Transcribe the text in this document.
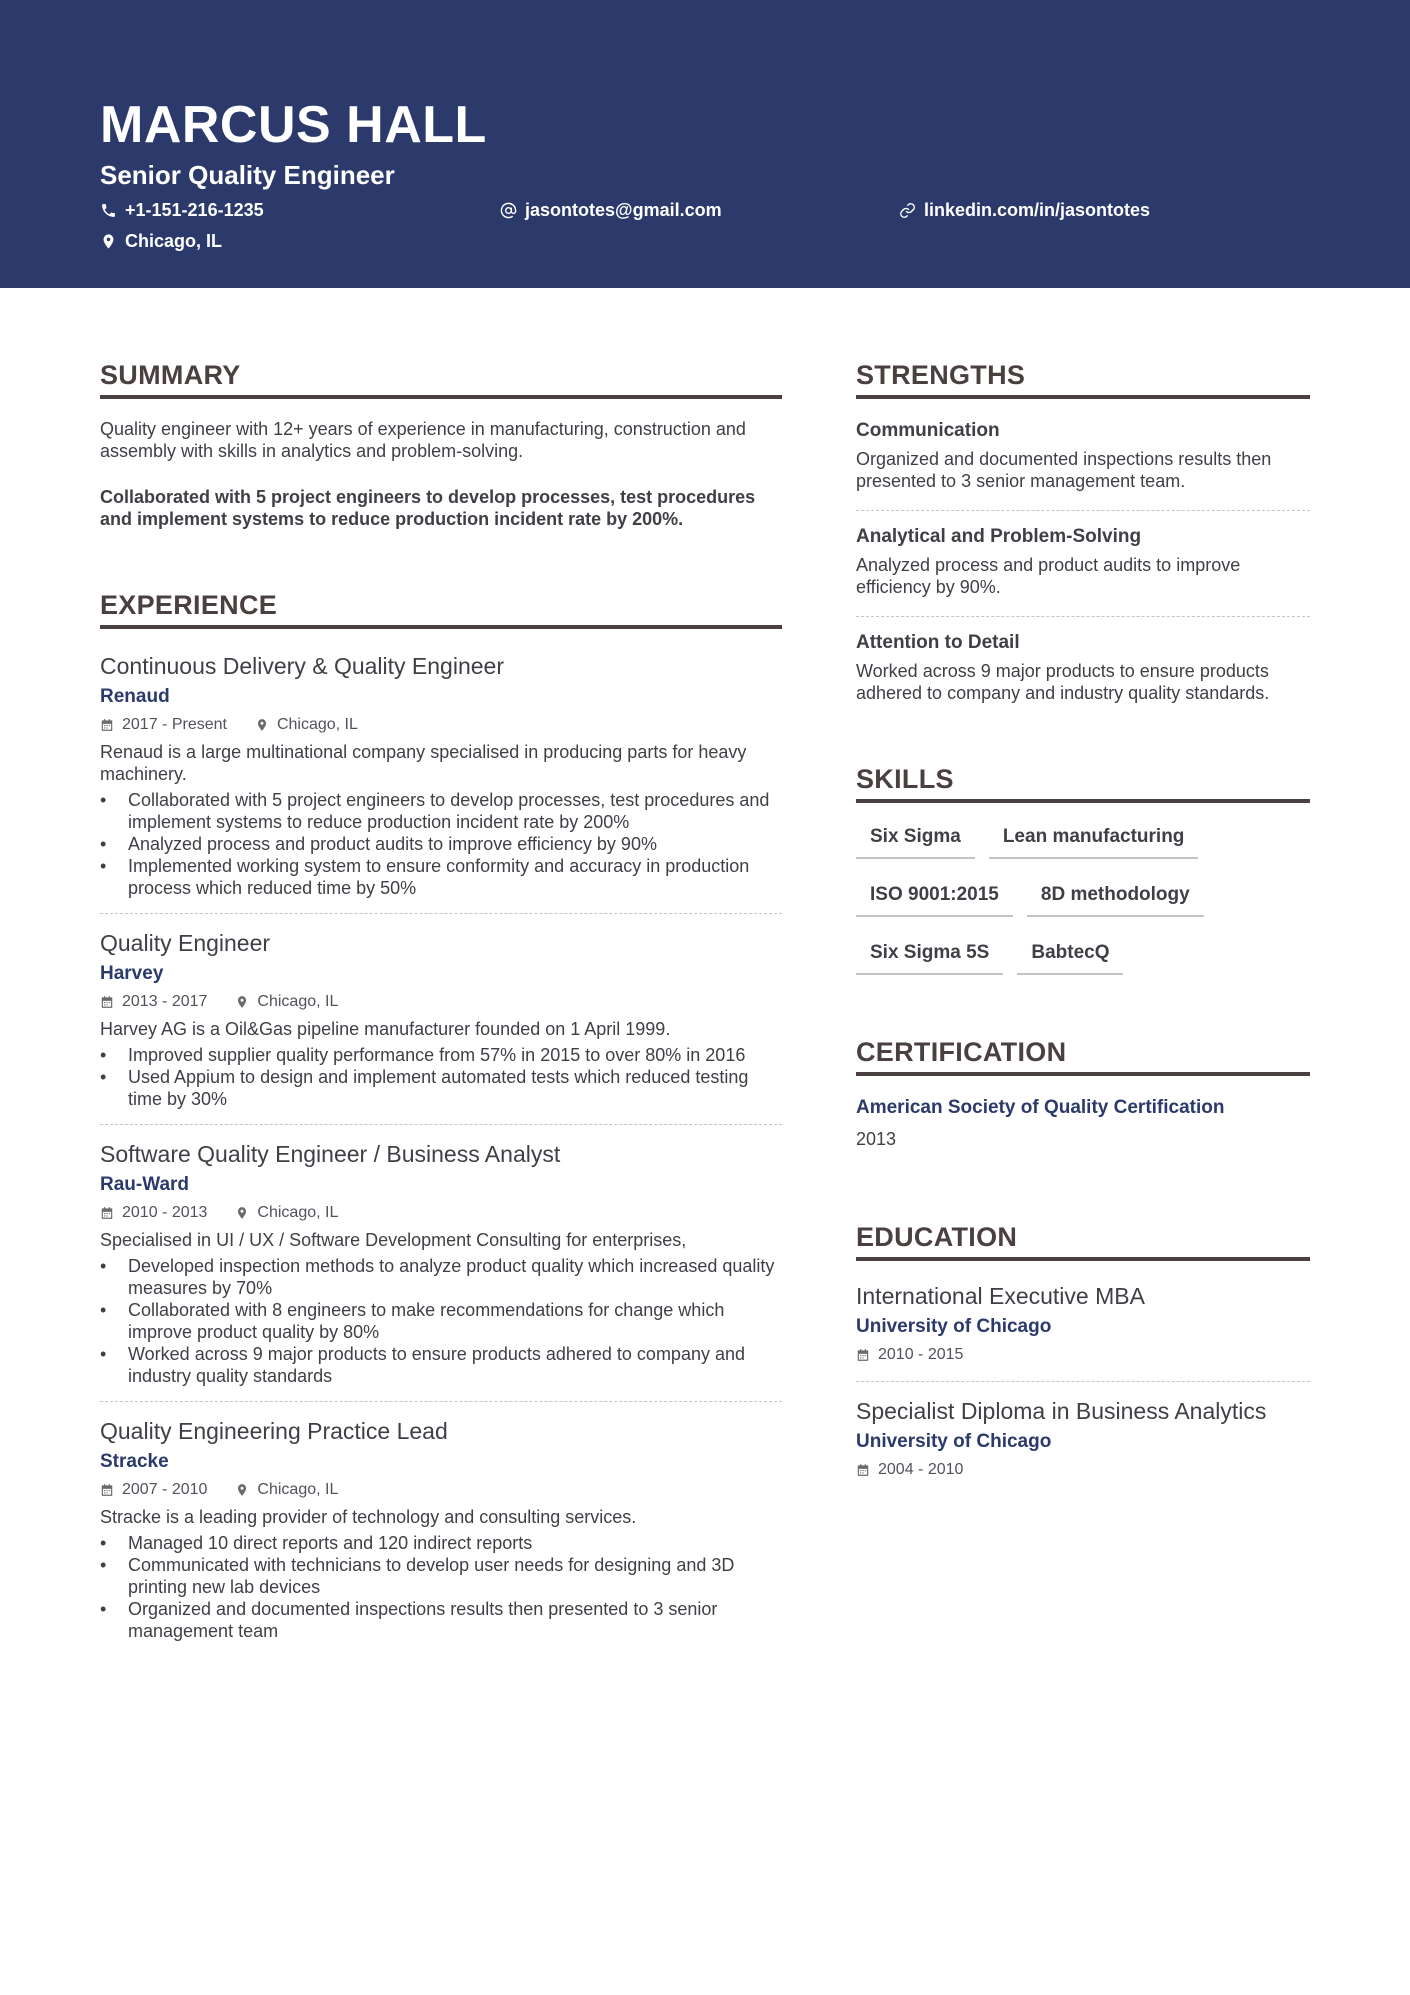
MARCUS HALL
Senior Quality Engineer
+1-151-216-1235	jasontotes@gmail.com	linkedin.com/in/jasontotes
Chicago, IL
SUMMARY

Quality engineer with 12+ years of experience in manufacturing, construction and assembly with skills in analytics and problem-solving.

Collaborated with 5 project engineers to develop processes, test procedures and implement systems to reduce production incident rate by 200%.

EXPERIENCE
Continuous Delivery & Quality Engineer
Renaud
2017 - Present	Chicago, IL

Renaud is a large multinational company specialised in producing parts for heavy machinery.

• Collaborated with 5 project engineers to develop processes, test procedures and implement systems to reduce production incident rate by 200%
• Analyzed process and product audits to improve efficiency by 90%
• Implemented working system to ensure conformity and accuracy in production process which reduced time by 50%
Quality Engineer
Harvey
2013 - 2017	Chicago, IL

Harvey AG is a Oil&Gas pipeline manufacturer founded on 1 April 1999.

• Improved supplier quality performance from 57% in 2015 to over 80% in 2016
• Used Appium to design and implement automated tests which reduced testing time by 30%
Software Quality Engineer / Business Analyst
Rau-Ward
2010 - 2013	Chicago, IL

Specialised in UI / UX / Software Development Consulting for enterprises,

• Developed inspection methods to analyze product quality which increased quality measures by 70%
• Collaborated with 8 engineers to make recommendations for change which improve product quality by 80%
• Worked across 9 major products to ensure products adhered to company and industry quality standards
Quality Engineering Practice Lead
Stracke
2007 - 2010	Chicago, IL

Stracke is a leading provider of technology and consulting services.

• Managed 10 direct reports and 120 indirect reports
• Communicated with technicians to develop user needs for designing and 3D printing new lab devices
• Organized and documented inspections results then presented to 3 senior management team
STRENGTHS
Communication

Organized and documented inspections results then presented to 3 senior management team.

Analytical and Problem-Solving

Analyzed process and product audits to improve efficiency by 90%.

Attention to Detail

Worked across 9 major products to ensure products adhered to company and industry quality standards.

SKILLS
Six Sigma	Lean manufacturing
ISO 9001:2015	8D methodology
Six Sigma 5S	BabtecQ
CERTIFICATION
American Society of Quality Certification
2013
EDUCATION
International Executive MBA
University of Chicago
2010 - 2015
Specialist Diploma in Business Analytics
University of Chicago
2004 - 2010
